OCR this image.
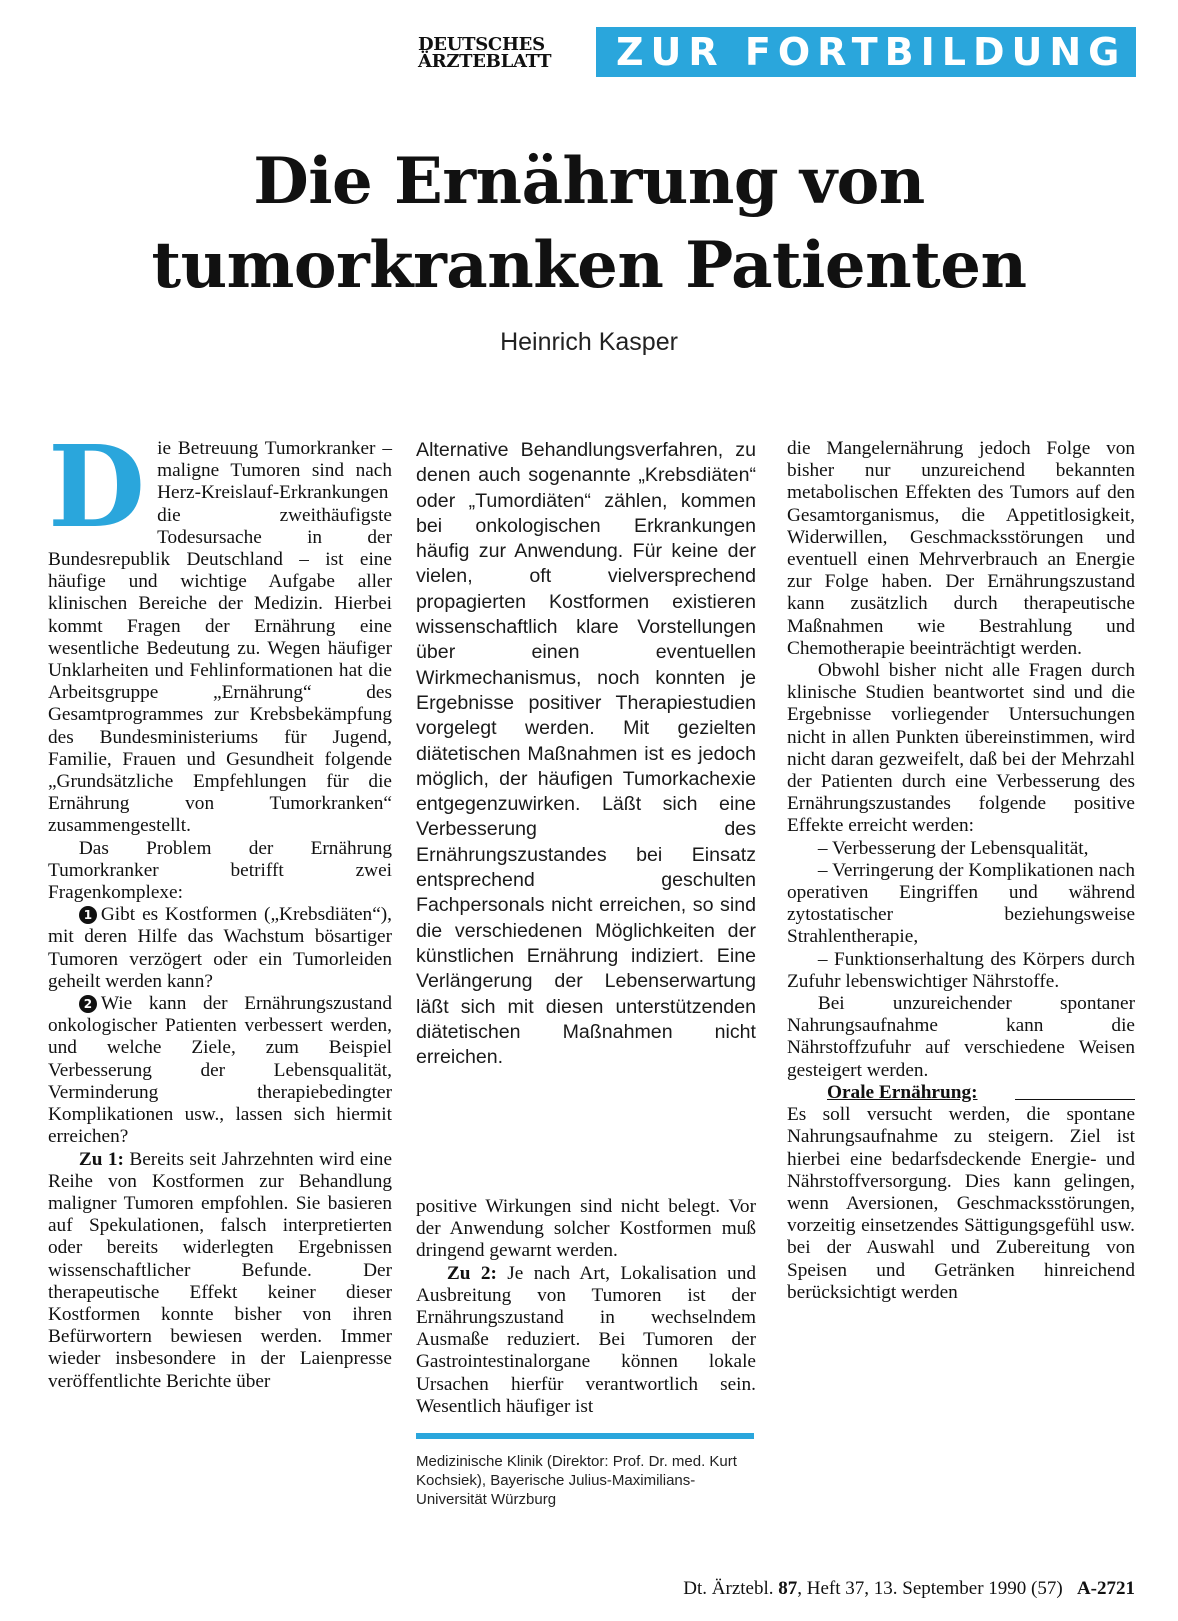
DEUTSCHES
ÄRZTEBLATT	ZUR FORTBILDUNG
Die Ernährung von
tumorkranken Patienten
Heinrich Kasper

Die Betreuung Tumorkranker – maligne Tumoren sind nach Herz-Kreislauf-Erkrankungen die zweithäufigste Todesursache in der Bundesrepublik Deutschland – ist eine häufige und wichtige Aufgabe aller klinischen Bereiche der Medizin. Hierbei kommt Fragen der Ernährung eine wesentliche Bedeutung zu. Wegen häufiger Unklarheiten und Fehlinformationen hat die Arbeitsgruppe „Ernährung“ des Gesamtprogrammes zur Krebsbekämpfung des Bundesministeriums für Jugend, Familie, Frauen und Gesundheit folgende „Grundsätzliche Empfehlungen für die Ernährung von Tumorkranken“ zusammengestellt.

Das Problem der Ernährung Tumorkranker betrifft zwei Fragenkomplexe:

1 Gibt es Kostformen („Krebsdiäten“), mit deren Hilfe das Wachstum bösartiger Tumoren verzögert oder ein Tumorleiden geheilt werden kann?

2 Wie kann der Ernährungszustand onkologischer Patienten verbessert werden, und welche Ziele, zum Beispiel Verbesserung der Lebensqualität, Verminderung therapiebedingter Komplikationen usw., lassen sich hiermit erreichen?

Zu 1: Bereits seit Jahrzehnten wird eine Reihe von Kostformen zur Behandlung maligner Tumoren empfohlen. Sie basieren auf Spekulationen, falsch interpretierten oder bereits widerlegten Ergebnissen wissenschaftlicher Befunde. Der therapeutische Effekt keiner dieser Kostformen konnte bisher von ihren Befürwortern bewiesen werden. Immer wieder insbesondere in der Laienpresse veröffentlichte Berichte über

Alternative Behandlungsverfahren, zu denen auch sogenannte „Krebsdiäten“ oder „Tumordiäten“ zählen, kommen bei onkologischen Erkrankungen häufig zur Anwendung. Für keine der vielen, oft vielversprechend propagierten Kostformen existieren wissenschaftlich klare Vorstellungen über einen eventuellen Wirkmechanismus, noch konnten je Ergebnisse positiver Therapiestudien vorgelegt werden. Mit gezielten diätetischen Maßnahmen ist es jedoch möglich, der häufigen Tumorkachexie entgegenzuwirken. Läßt sich eine Verbesserung des Ernährungszustandes bei Einsatz entsprechend geschulten Fachpersonals nicht erreichen, so sind die verschiedenen Möglichkeiten der künstlichen Ernährung indiziert. Eine Verlängerung der Lebenserwartung läßt sich mit diesen unterstützenden diätetischen Maßnahmen nicht erreichen.

positive Wirkungen sind nicht belegt. Vor der Anwendung solcher Kostformen muß dringend gewarnt werden.

Zu 2: Je nach Art, Lokalisation und Ausbreitung von Tumoren ist der Ernährungszustand in wechselndem Ausmaße reduziert. Bei Tumoren der Gastrointestinalorgane können lokale Ursachen hierfür verantwortlich sein. Wesentlich häufiger ist

Medizinische Klinik (Direktor: Prof. Dr. med. Kurt Kochsiek), Bayerische Julius-Maximilians-Universität Würzburg

die Mangelernährung jedoch Folge von bisher nur unzureichend bekannten metabolischen Effekten des Tumors auf den Gesamtorganismus, die Appetitlosigkeit, Widerwillen, Geschmacksstörungen und eventuell einen Mehrverbrauch an Energie zur Folge haben. Der Ernährungszustand kann zusätzlich durch therapeutische Maßnahmen wie Bestrahlung und Chemotherapie beeinträchtigt werden.

Obwohl bisher nicht alle Fragen durch klinische Studien beantwortet sind und die Ergebnisse vorliegender Untersuchungen nicht in allen Punkten übereinstimmen, wird nicht daran gezweifelt, daß bei der Mehrzahl der Patienten durch eine Verbesserung des Ernährungszustandes folgende positive Effekte erreicht werden:

– Verbesserung der Lebensqualität,

– Verringerung der Komplikationen nach operativen Eingriffen und während zytostatischer beziehungsweise Strahlentherapie,

– Funktionserhaltung des Körpers durch Zufuhr lebenswichtiger Nährstoffe.

Bei unzureichender spontaner Nahrungsaufnahme kann die Nährstoffzufuhr auf verschiedene Weisen gesteigert werden.

Orale Ernährung:

Es soll versucht werden, die spontane Nahrungsaufnahme zu steigern. Ziel ist hierbei eine bedarfsdeckende Energie- und Nährstoffversorgung. Dies kann gelingen, wenn Aversionen, Geschmacksstörungen, vorzeitig einsetzendes Sättigungsgefühl usw. bei der Auswahl und Zubereitung von Speisen und Getränken hinreichend berücksichtigt werden

Dt. Ärztebl. 87, Heft 37, 13. September 1990 (57) A-2721
